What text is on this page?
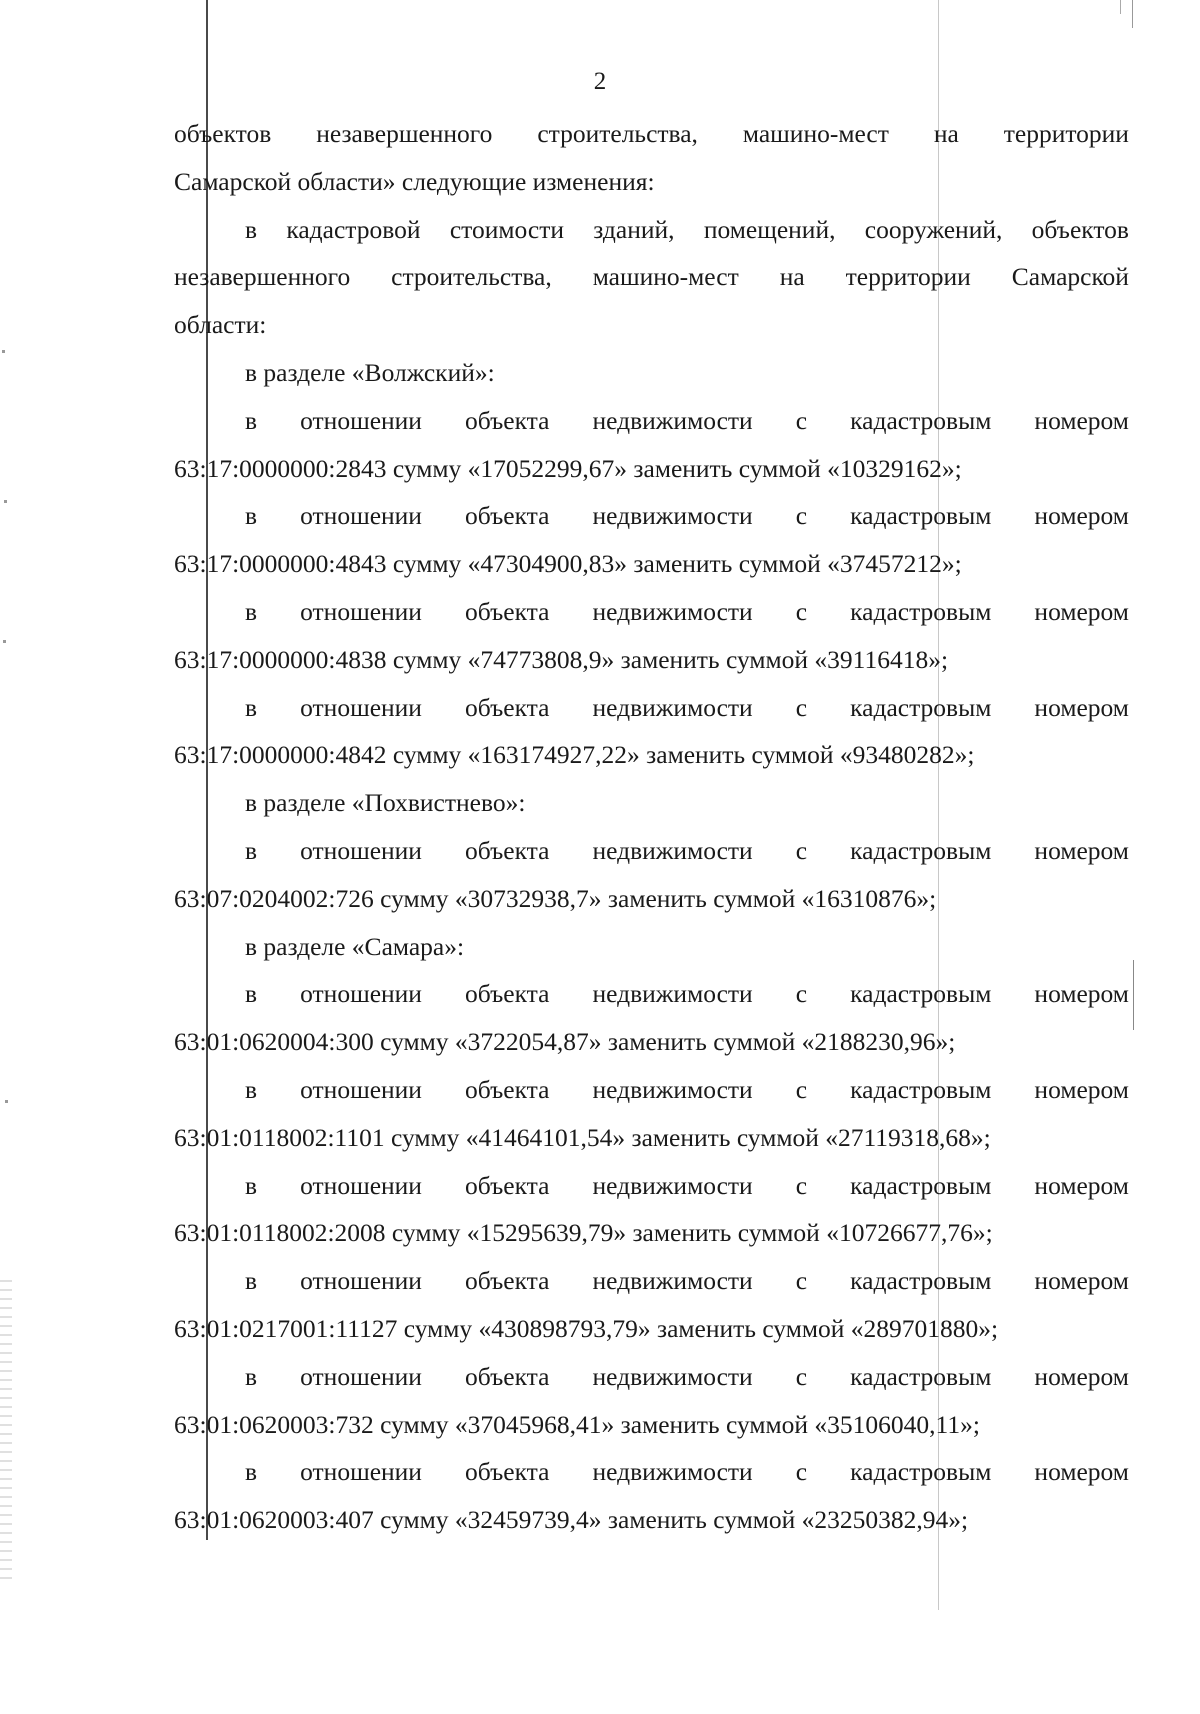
2
объектов незавершенного строительства, машино-мест на территории
Самарской области» следующие изменения:
в кадастровой стоимости зданий, помещений, сооружений, объектов
незавершенного строительства, машино-мест на территории Самарской
области:
в разделе «Волжский»:
в отношении объекта недвижимости с кадастровым номером
63:17:0000000:2843 сумму «17052299,67» заменить суммой «10329162»;
в отношении объекта недвижимости с кадастровым номером
63:17:0000000:4843 сумму «47304900,83» заменить суммой «37457212»;
в отношении объекта недвижимости с кадастровым номером
63:17:0000000:4838 сумму «74773808,9» заменить суммой «39116418»;
в отношении объекта недвижимости с кадастровым номером
63:17:0000000:4842 сумму «163174927,22» заменить суммой «93480282»;
в разделе «Похвистнево»:
в отношении объекта недвижимости с кадастровым номером
63:07:0204002:726 сумму «30732938,7» заменить суммой «16310876»;
в разделе «Самара»:
в отношении объекта недвижимости с кадастровым номером
63:01:0620004:300 сумму «3722054,87» заменить суммой «2188230,96»;
в отношении объекта недвижимости с кадастровым номером
63:01:0118002:1101 сумму «41464101,54» заменить суммой «27119318,68»;
в отношении объекта недвижимости с кадастровым номером
63:01:0118002:2008 сумму «15295639,79» заменить суммой «10726677,76»;
в отношении объекта недвижимости с кадастровым номером
63:01:0217001:11127 сумму «430898793,79» заменить суммой «289701880»;
в отношении объекта недвижимости с кадастровым номером
63:01:0620003:732 сумму «37045968,41» заменить суммой «35106040,11»;
в отношении объекта недвижимости с кадастровым номером
63:01:0620003:407 сумму «32459739,4» заменить суммой «23250382,94»;
